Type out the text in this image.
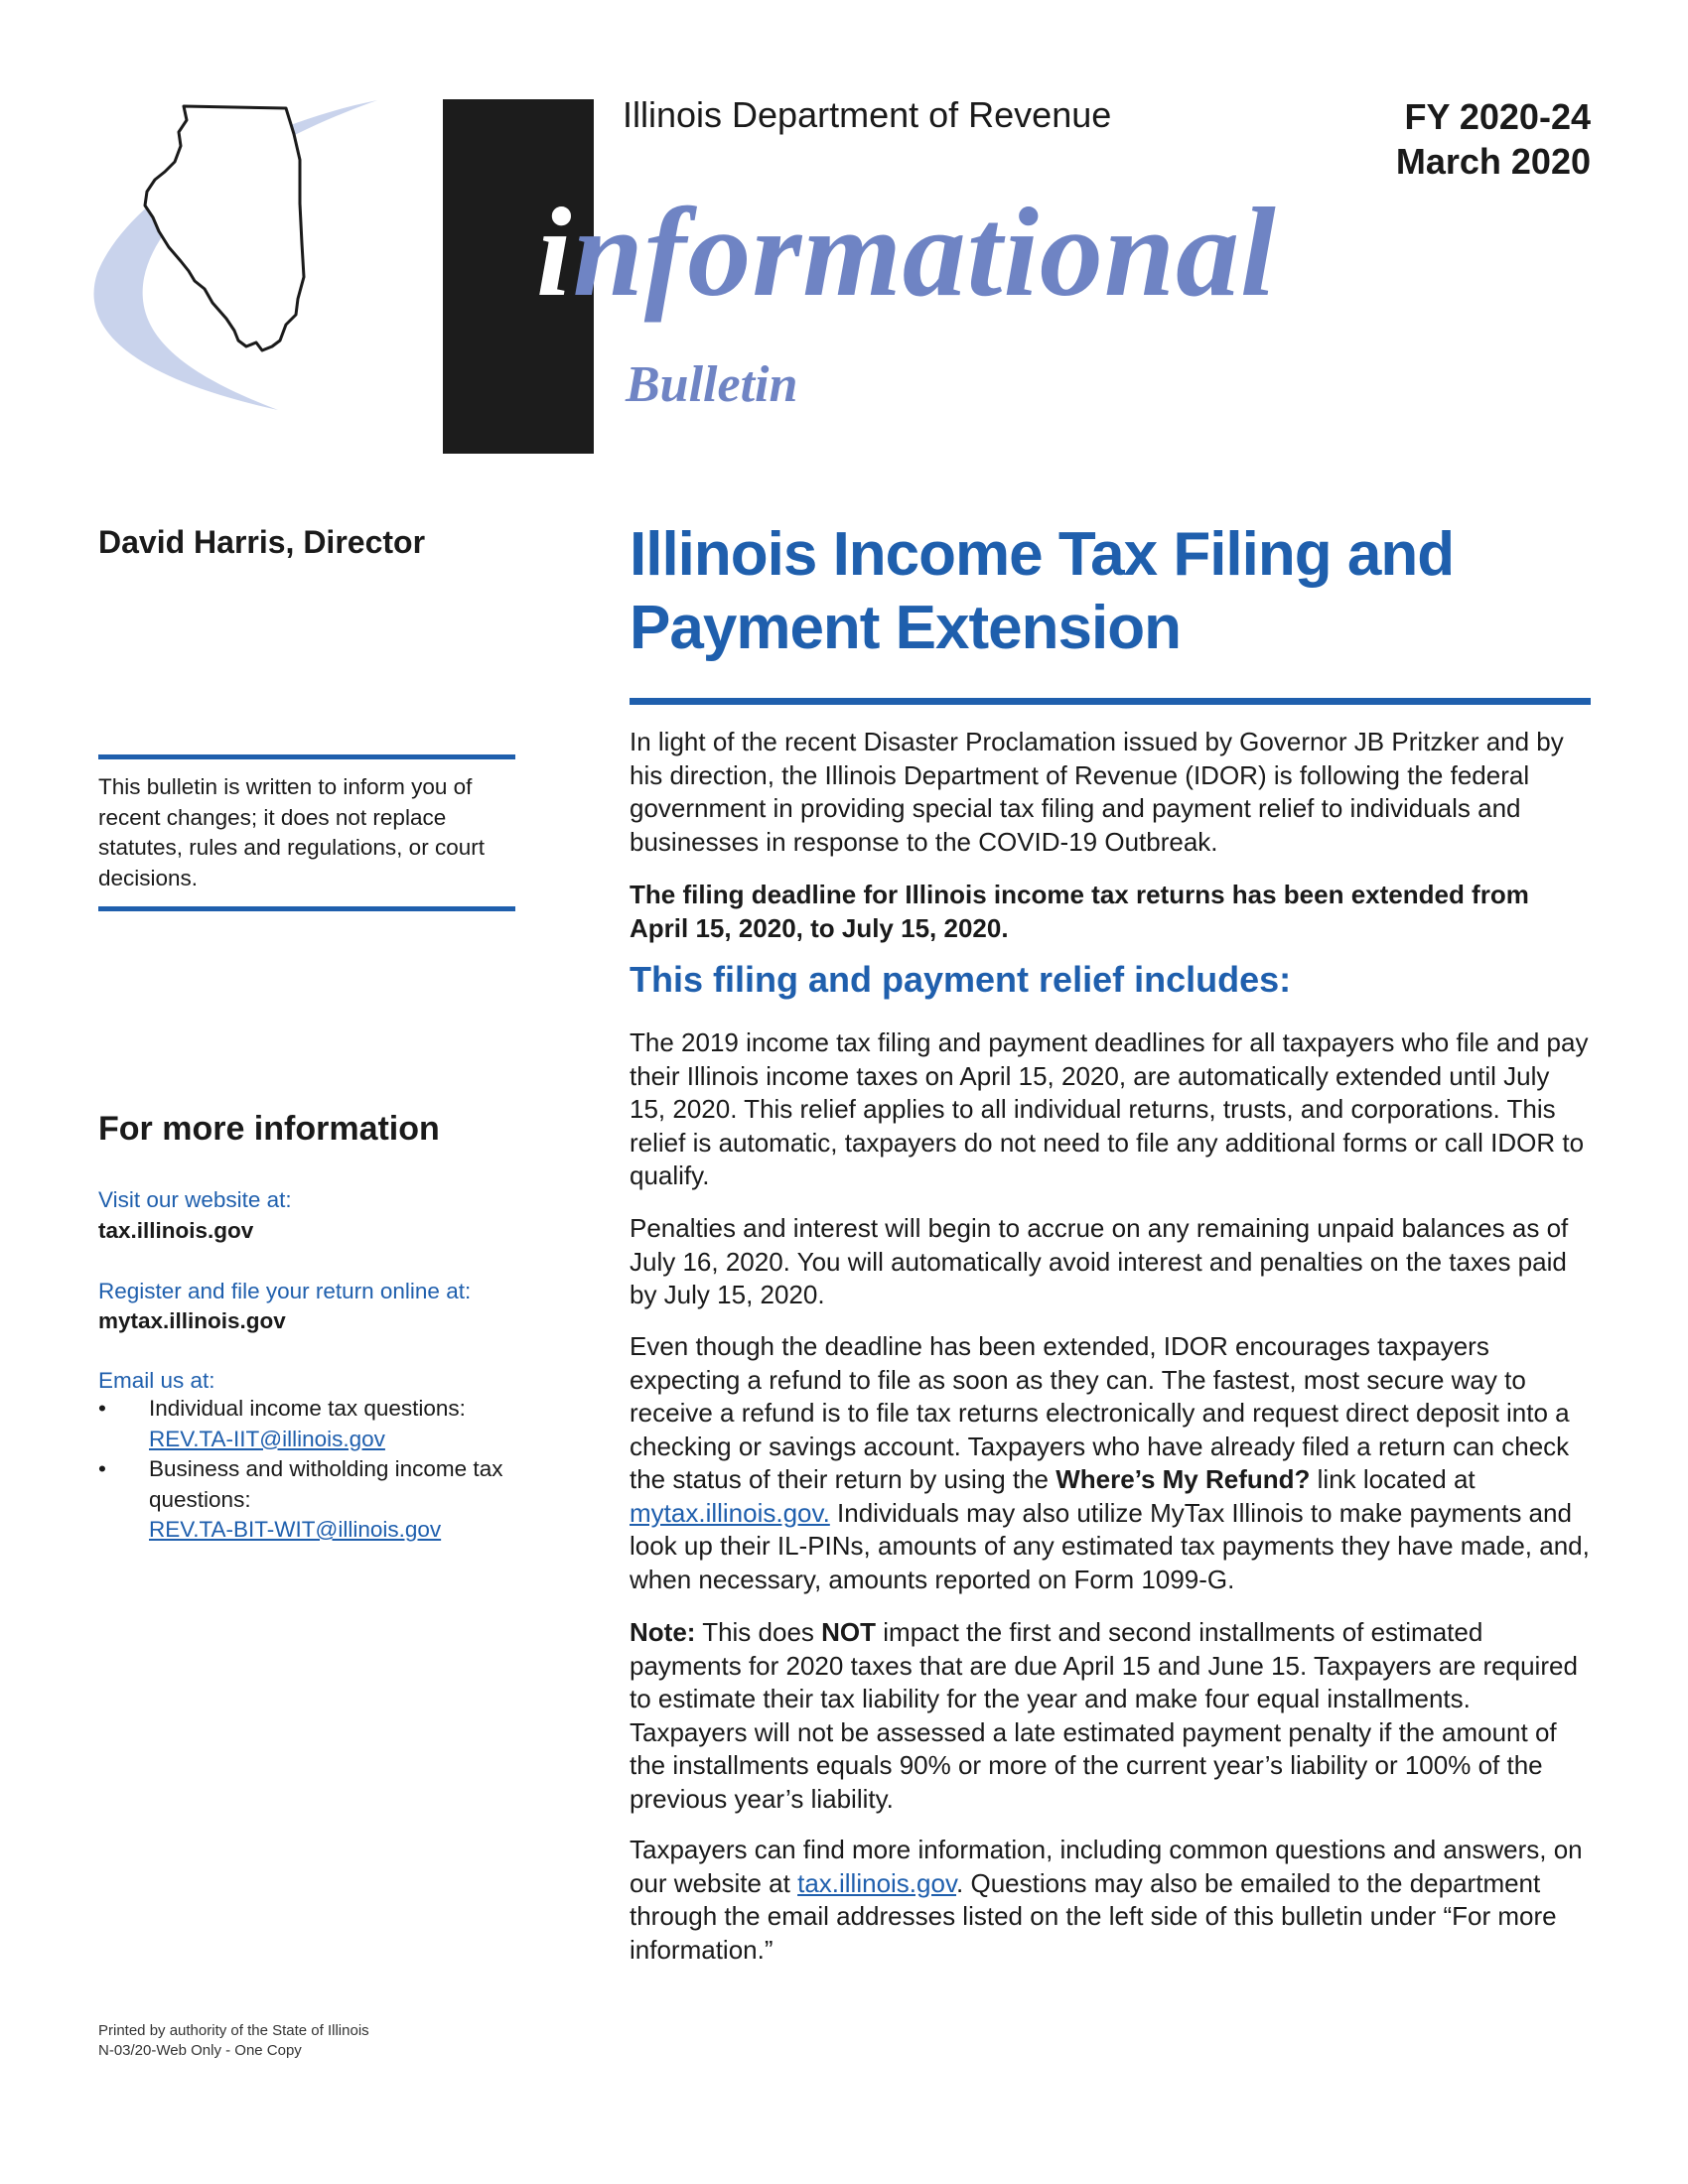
Illinois Department of Revenue
informational
Bulletin
FY 2020-24
March 2020
David Harris, Director
This bulletin is written to inform you of recent changes; it does not replace statutes, rules and regulations, or court decisions.
For more information
Visit our website at:
tax.illinois.gov
Register and file your return online at:
mytax.illinois.gov
Email us at:
• Individual income tax questions:
REV.TA-IIT@illinois.gov
• Business and witholding income tax questions:
REV.TA-BIT-WIT@illinois.gov
Printed by authority of the State of Illinois
N-03/20-Web Only - One Copy
Illinois Income Tax Filing and Payment Extension

In light of the recent Disaster Proclamation issued by Governor JB Pritzker and by his direction, the Illinois Department of Revenue (IDOR) is following the federal government in providing special tax filing and payment relief to individuals and businesses in response to the COVID-19 Outbreak.

The filing deadline for Illinois income tax returns has been extended from April 15, 2020, to July 15, 2020.

This filing and payment relief includes:

The 2019 income tax filing and payment deadlines for all taxpayers who file and pay their Illinois income taxes on April 15, 2020, are automatically extended until July 15, 2020. This relief applies to all individual returns, trusts, and corporations. This relief is automatic, taxpayers do not need to file any additional forms or call IDOR to qualify.

Penalties and interest will begin to accrue on any remaining unpaid balances as of July 16, 2020. You will automatically avoid interest and penalties on the taxes paid by July 15, 2020.

Even though the deadline has been extended, IDOR encourages taxpayers expecting a refund to file as soon as they can. The fastest, most secure way to receive a refund is to file tax returns electronically and request direct deposit into a checking or savings account. Taxpayers who have already filed a return can check the status of their return by using the Where’s My Refund? link located at mytax.illinois.gov. Individuals may also utilize MyTax Illinois to make payments and look up their IL-PINs, amounts of any estimated tax payments they have made, and, when necessary, amounts reported on Form 1099-G.

Note: This does NOT impact the first and second installments of estimated payments for 2020 taxes that are due April 15 and June 15. Taxpayers are required to estimate their tax liability for the year and make four equal installments. Taxpayers will not be assessed a late estimated payment penalty if the amount of the installments equals 90% or more of the current year’s liability or 100% of the previous year’s liability.

Taxpayers can find more information, including common questions and answers, on our website at tax.illinois.gov. Questions may also be emailed to the department through the email addresses listed on the left side of this bulletin under “For more information.”
